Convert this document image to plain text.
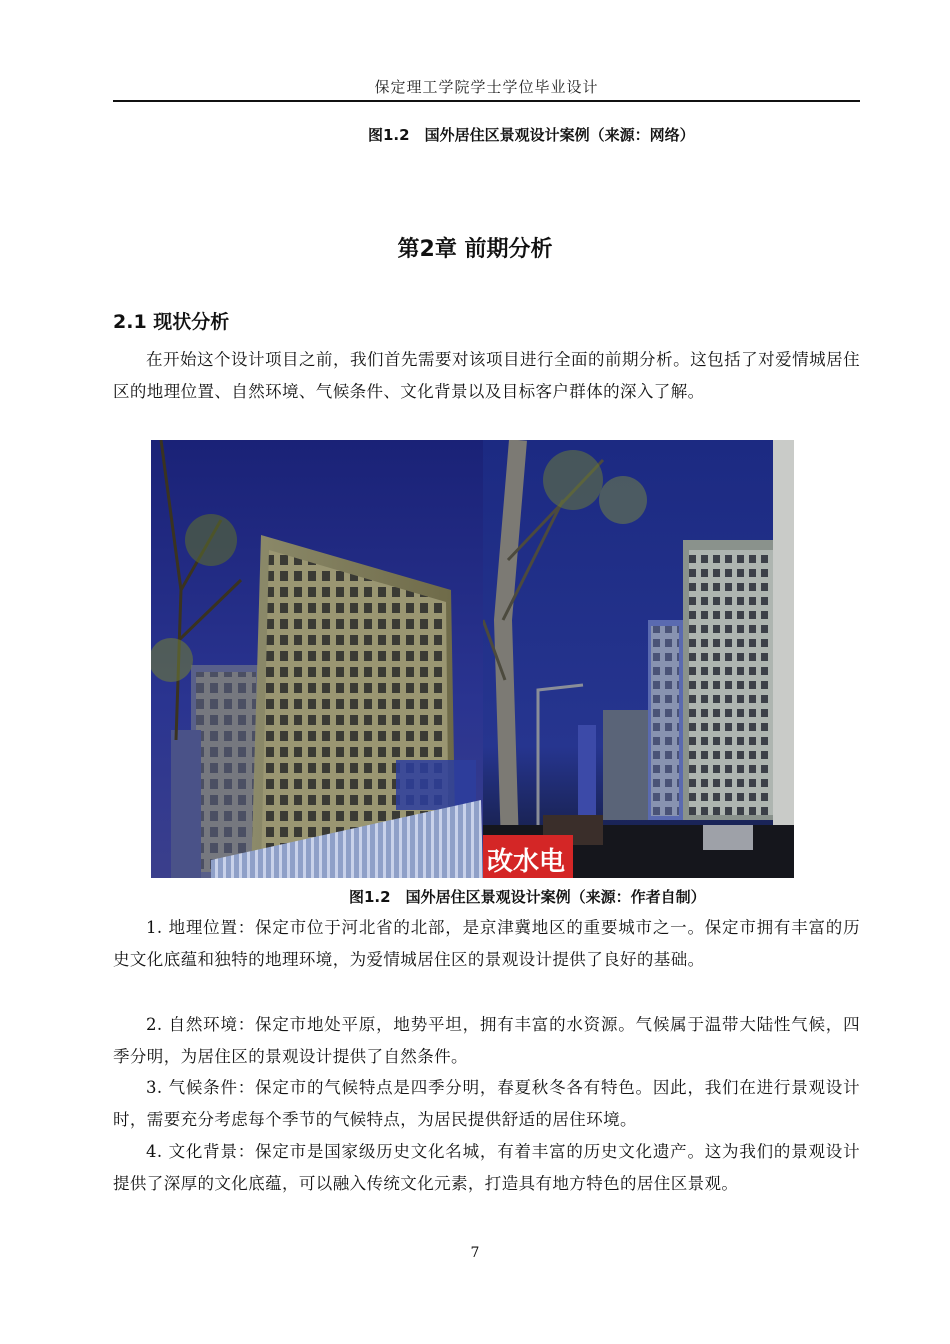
保定理工学院学士学位毕业设计
图1.2　国外居住区景观设计案例（来源：网络）
第2章 前期分析
2.1 现状分析

在开始这个设计项目之前，我们首先需要对该项目进行全面的前期分析。这包括了对爱情城居住区的地理位置、自然环境、气候条件、文化背景以及目标客户群体的深入了解。

改水电
图1.2　国外居住区景观设计案例（来源：作者自制）

1. 地理位置：保定市位于河北省的北部，是京津冀地区的重要城市之一。保定市拥有丰富的历史文化底蕴和独特的地理环境，为爱情城居住区的景观设计提供了良好的基础。

2. 自然环境：保定市地处平原，地势平坦，拥有丰富的水资源。气候属于温带大陆性气候，四季分明，为居住区的景观设计提供了自然条件。

3. 气候条件：保定市的气候特点是四季分明，春夏秋冬各有特色。因此，我们在进行景观设计时，需要充分考虑每个季节的气候特点，为居民提供舒适的居住环境。

4. 文化背景：保定市是国家级历史文化名城，有着丰富的历史文化遗产。这为我们的景观设计提供了深厚的文化底蕴，可以融入传统文化元素，打造具有地方特色的居住区景观。

7
